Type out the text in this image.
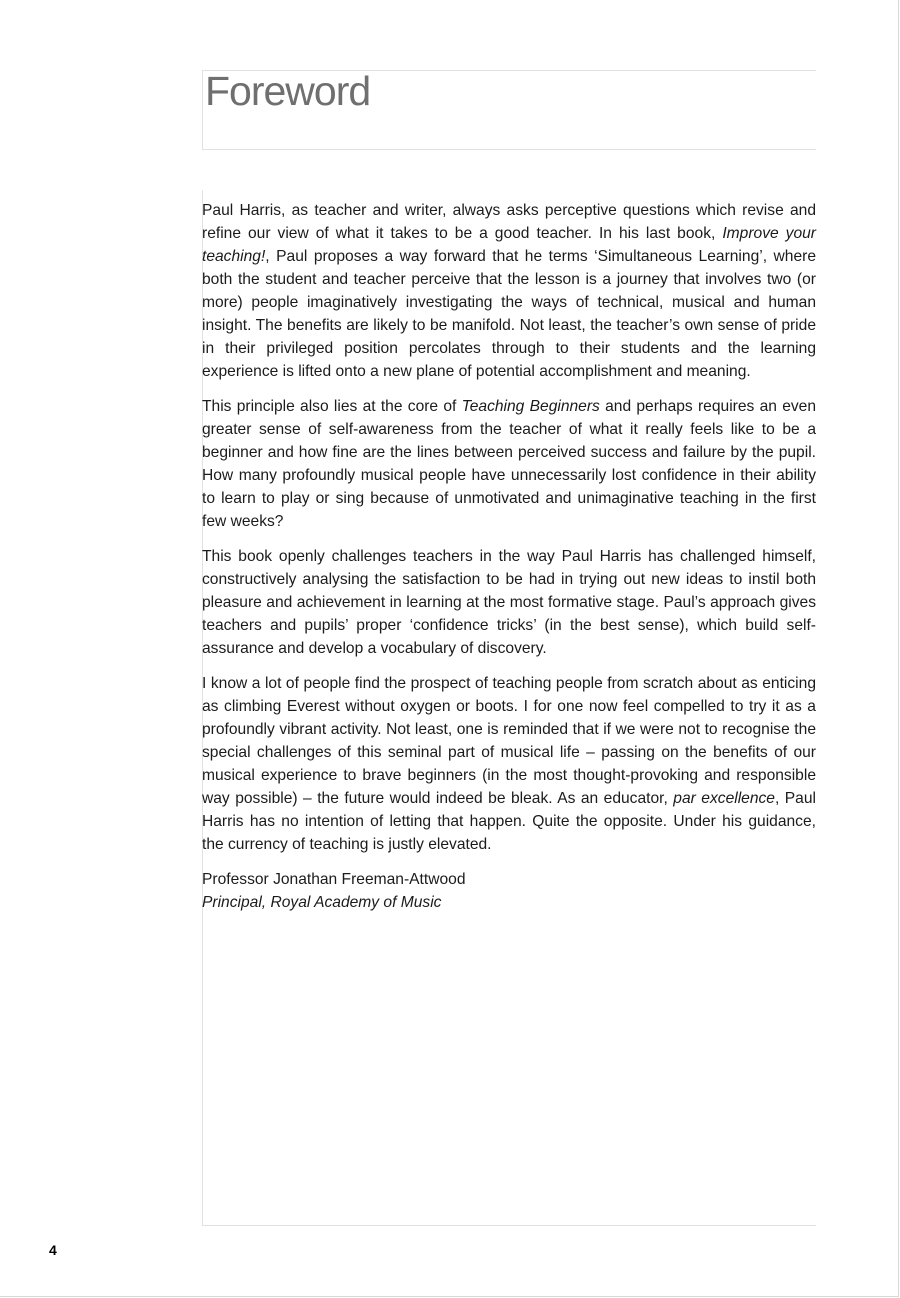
Foreword

Paul Harris, as teacher and writer, always asks perceptive questions which revise and refine our view of what it takes to be a good teacher. In his last book, Improve your teaching!, Paul proposes a way forward that he terms ‘Simultaneous Learning’, where both the student and teacher perceive that the lesson is a journey that involves two (or more) people imaginatively investigating the ways of technical, musical and human insight. The benefits are likely to be manifold. Not least, the teacher’s own sense of pride in their privileged position percolates through to their students and the learning experience is lifted onto a new plane of potential accomplishment and meaning.

This principle also lies at the core of Teaching Beginners and perhaps requires an even greater sense of self-awareness from the teacher of what it really feels like to be a beginner and how fine are the lines between perceived success and failure by the pupil. How many profoundly musical people have unnecessarily lost confidence in their ability to learn to play or sing because of unmotivated and unimaginative teaching in the first few weeks?

This book openly challenges teachers in the way Paul Harris has challenged himself, constructively analysing the satisfaction to be had in trying out new ideas to instil both pleasure and achievement in learning at the most formative stage. Paul’s approach gives teachers and pupils’ proper ‘confidence tricks’ (in the best sense), which build self-assurance and develop a vocabulary of discovery.

I know a lot of people find the prospect of teaching people from scratch about as enticing as climbing Everest without oxygen or boots. I for one now feel compelled to try it as a profoundly vibrant activity. Not least, one is reminded that if we were not to recognise the special challenges of this seminal part of musical life – passing on the benefits of our musical experience to brave beginners (in the most thought-provoking and responsible way possible) – the future would indeed be bleak. As an educator, par excellence, Paul Harris has no intention of letting that happen. Quite the opposite. Under his guidance, the currency of teaching is justly elevated.

Professor Jonathan Freeman-Attwood
Principal, Royal Academy of Music
4
